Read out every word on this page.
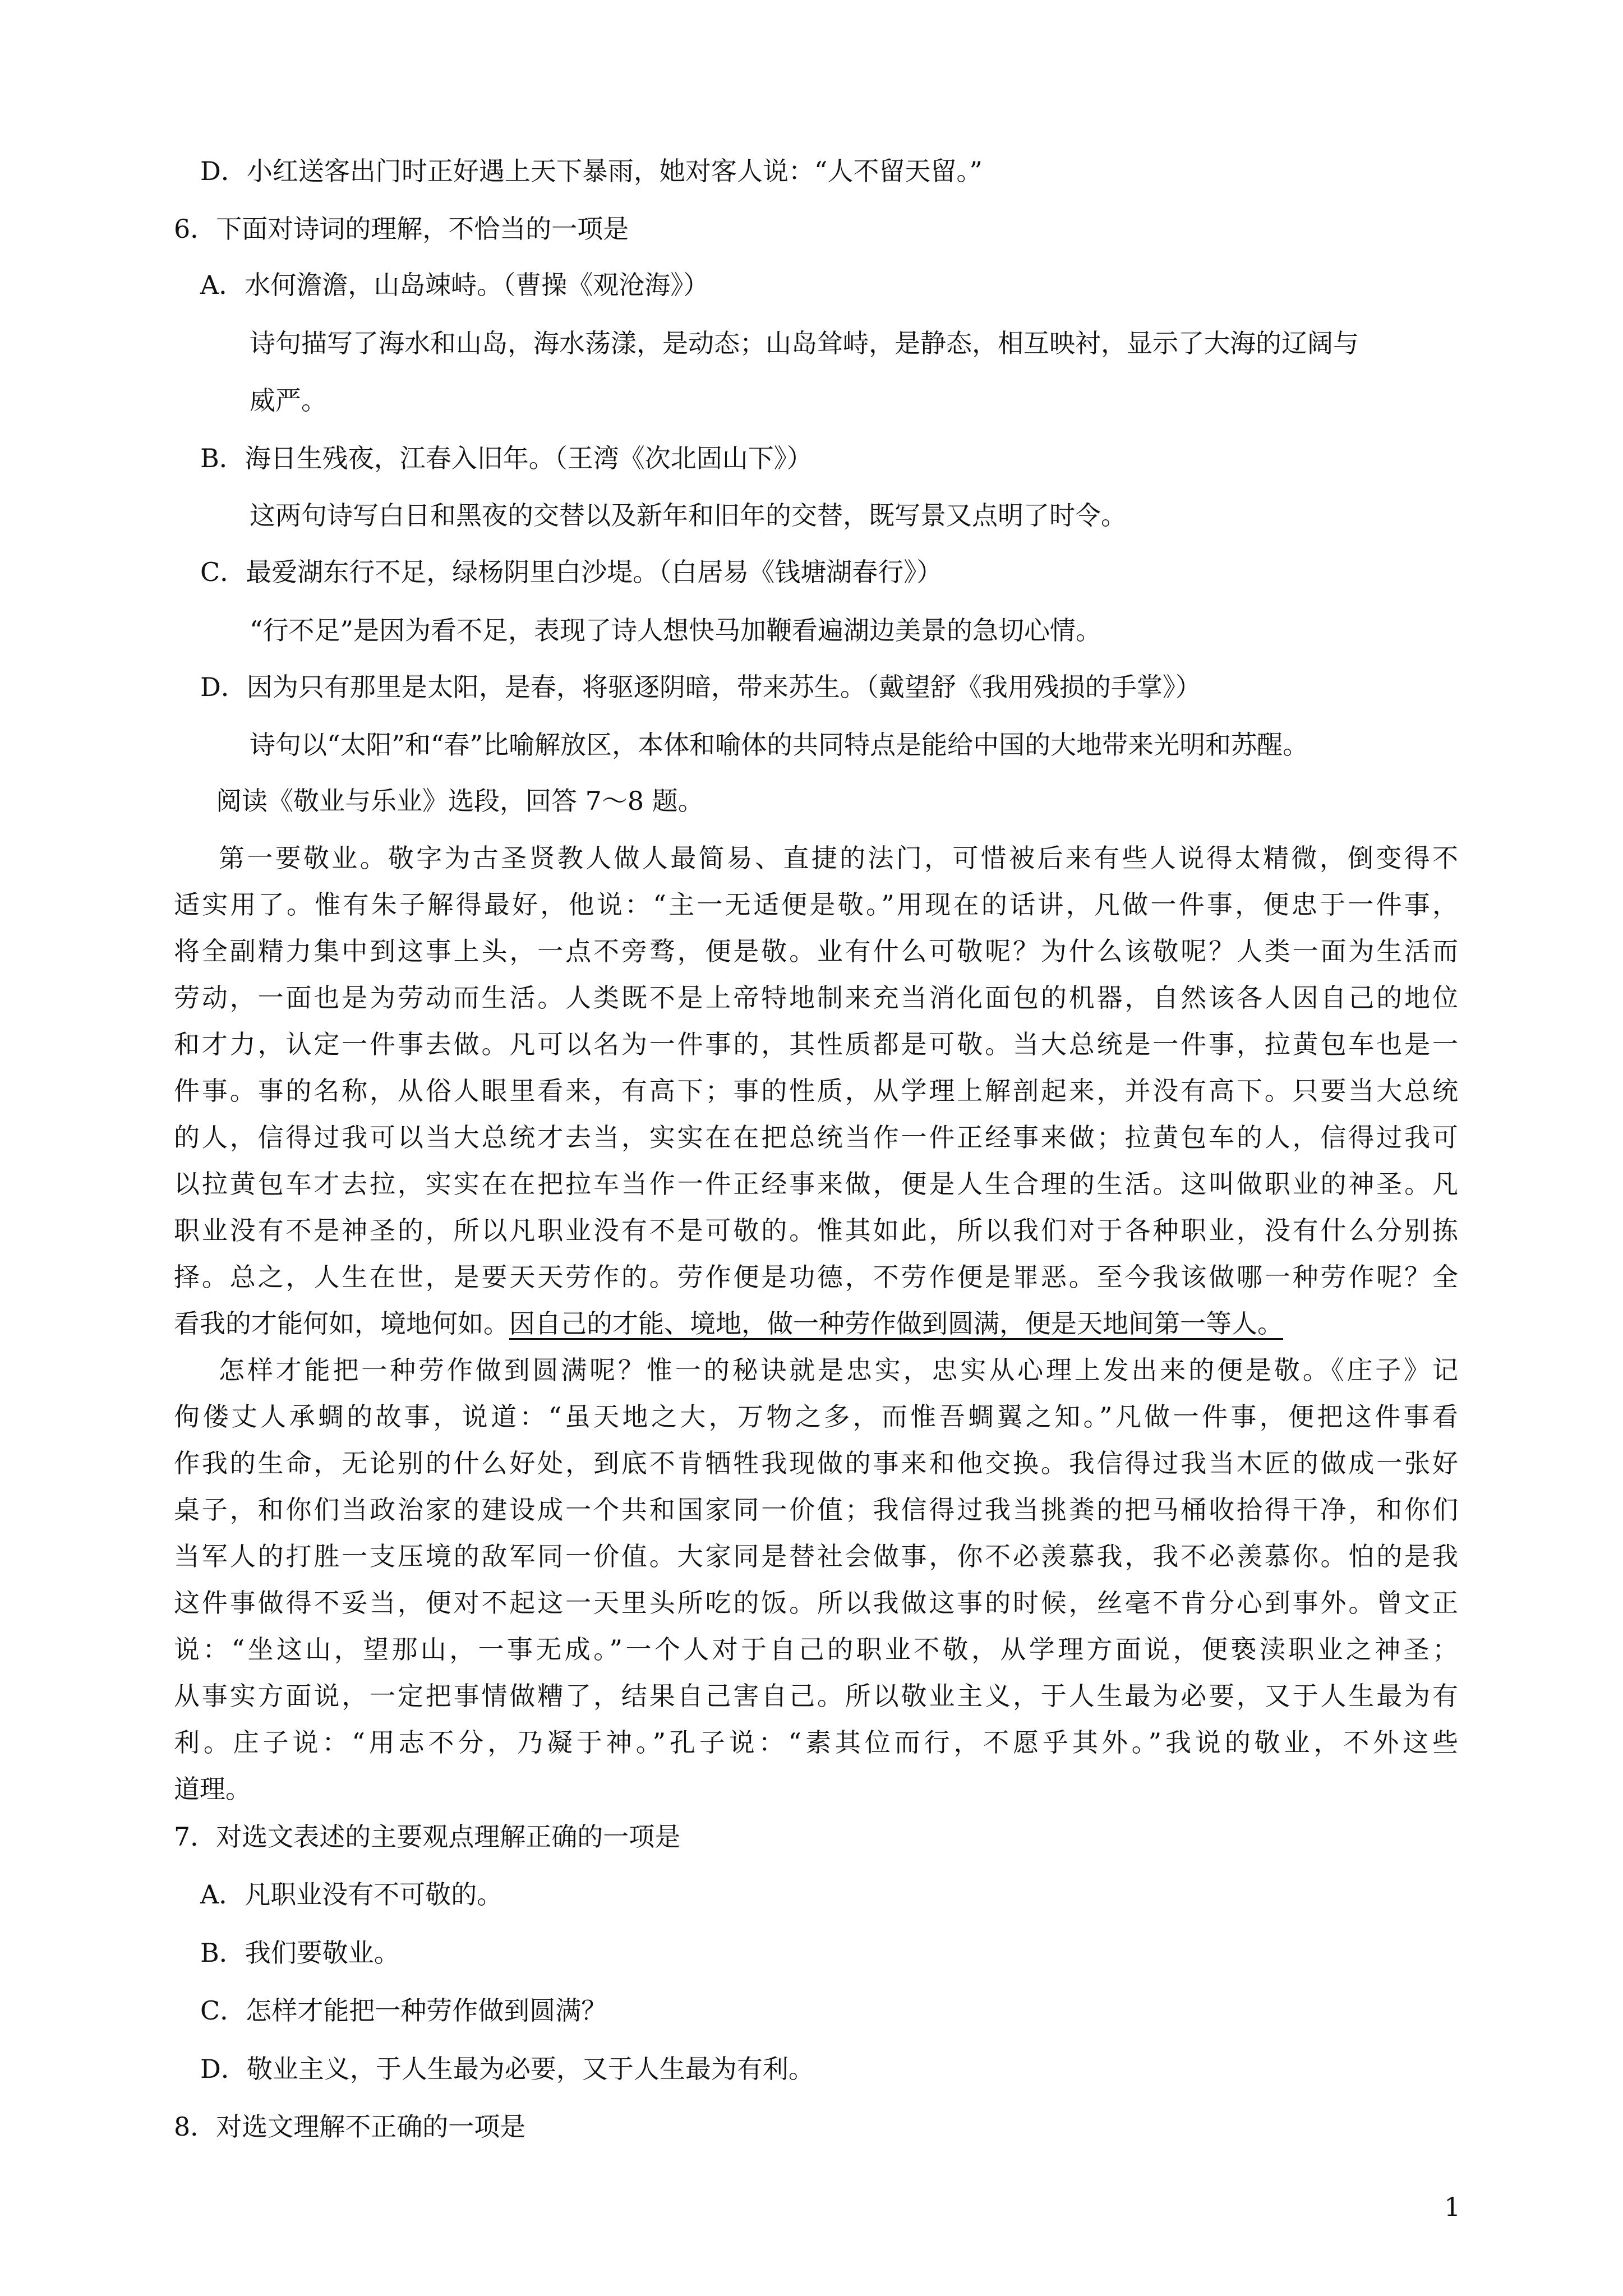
D．小红送客出门时正好遇上天下暴雨，她对客人说：“人不留天留。”

6．下面对诗词的理解，不恰当的一项是

A．水何澹澹，山岛竦峙。（曹操《观沧海》）

诗句描写了海水和山岛，海水荡漾，是动态；山岛耸峙，是静态，相互映衬，显示了大海的辽阔与

威严。

B．海日生残夜，江春入旧年。（王湾《次北固山下》）

这两句诗写白日和黑夜的交替以及新年和旧年的交替，既写景又点明了时令。

C．最爱湖东行不足，绿杨阴里白沙堤。（白居易《钱塘湖春行》）

“行不足”是因为看不足，表现了诗人想快马加鞭看遍湖边美景的急切心情。

D．因为只有那里是太阳，是春，将驱逐阴暗，带来苏生。（戴望舒《我用残损的手掌》）

诗句以“太阳”和“春”比喻解放区，本体和喻体的共同特点是能给中国的大地带来光明和苏醒。

阅读《敬业与乐业》选段，回答 7～8 题。

第一要敬业。敬字为古圣贤教人做人最简易、直捷的法门，可惜被后来有些人说得太精微，倒变得不

适实用了。惟有朱子解得最好，他说：“主一无适便是敬。”用现在的话讲，凡做一件事，便忠于一件事，

将全副精力集中到这事上头，一点不旁骛，便是敬。业有什么可敬呢？为什么该敬呢？人类一面为生活而

劳动，一面也是为劳动而生活。人类既不是上帝特地制来充当消化面包的机器，自然该各人因自己的地位

和才力，认定一件事去做。凡可以名为一件事的，其性质都是可敬。当大总统是一件事，拉黄包车也是一

件事。事的名称，从俗人眼里看来，有高下；事的性质，从学理上解剖起来，并没有高下。只要当大总统

的人，信得过我可以当大总统才去当，实实在在把总统当作一件正经事来做；拉黄包车的人，信得过我可

以拉黄包车才去拉，实实在在把拉车当作一件正经事来做，便是人生合理的生活。这叫做职业的神圣。凡

职业没有不是神圣的，所以凡职业没有不是可敬的。惟其如此，所以我们对于各种职业，没有什么分别拣

择。总之，人生在世，是要天天劳作的。劳作便是功德，不劳作便是罪恶。至今我该做哪一种劳作呢？全

看我的才能何如，境地何如。因自己的才能、境地，做一种劳作做到圆满，便是天地间第一等人。

怎样才能把一种劳作做到圆满呢？惟一的秘诀就是忠实，忠实从心理上发出来的便是敬。《庄子》记

佝偻丈人承蜩的故事，说道：“虽天地之大，万物之多，而惟吾蜩翼之知。”凡做一件事，便把这件事看

作我的生命，无论别的什么好处，到底不肯牺牲我现做的事来和他交换。我信得过我当木匠的做成一张好

桌子，和你们当政治家的建设成一个共和国家同一价值；我信得过我当挑粪的把马桶收拾得干净，和你们

当军人的打胜一支压境的敌军同一价值。大家同是替社会做事，你不必羡慕我，我不必羡慕你。怕的是我

这件事做得不妥当，便对不起这一天里头所吃的饭。所以我做这事的时候，丝毫不肯分心到事外。曾文正

说：“坐这山，望那山，一事无成。”一个人对于自己的职业不敬，从学理方面说，便亵渎职业之神圣；

从事实方面说，一定把事情做糟了，结果自己害自己。所以敬业主义，于人生最为必要，又于人生最为有

利。庄子说：“用志不分，乃凝于神。”孔子说：“素其位而行，不愿乎其外。”我说的敬业，不外这些

道理。

7．对选文表述的主要观点理解正确的一项是

A．凡职业没有不可敬的。

B．我们要敬业。

C．怎样才能把一种劳作做到圆满？

D．敬业主义，于人生最为必要，又于人生最为有利。

8．对选文理解不正确的一项是

1
